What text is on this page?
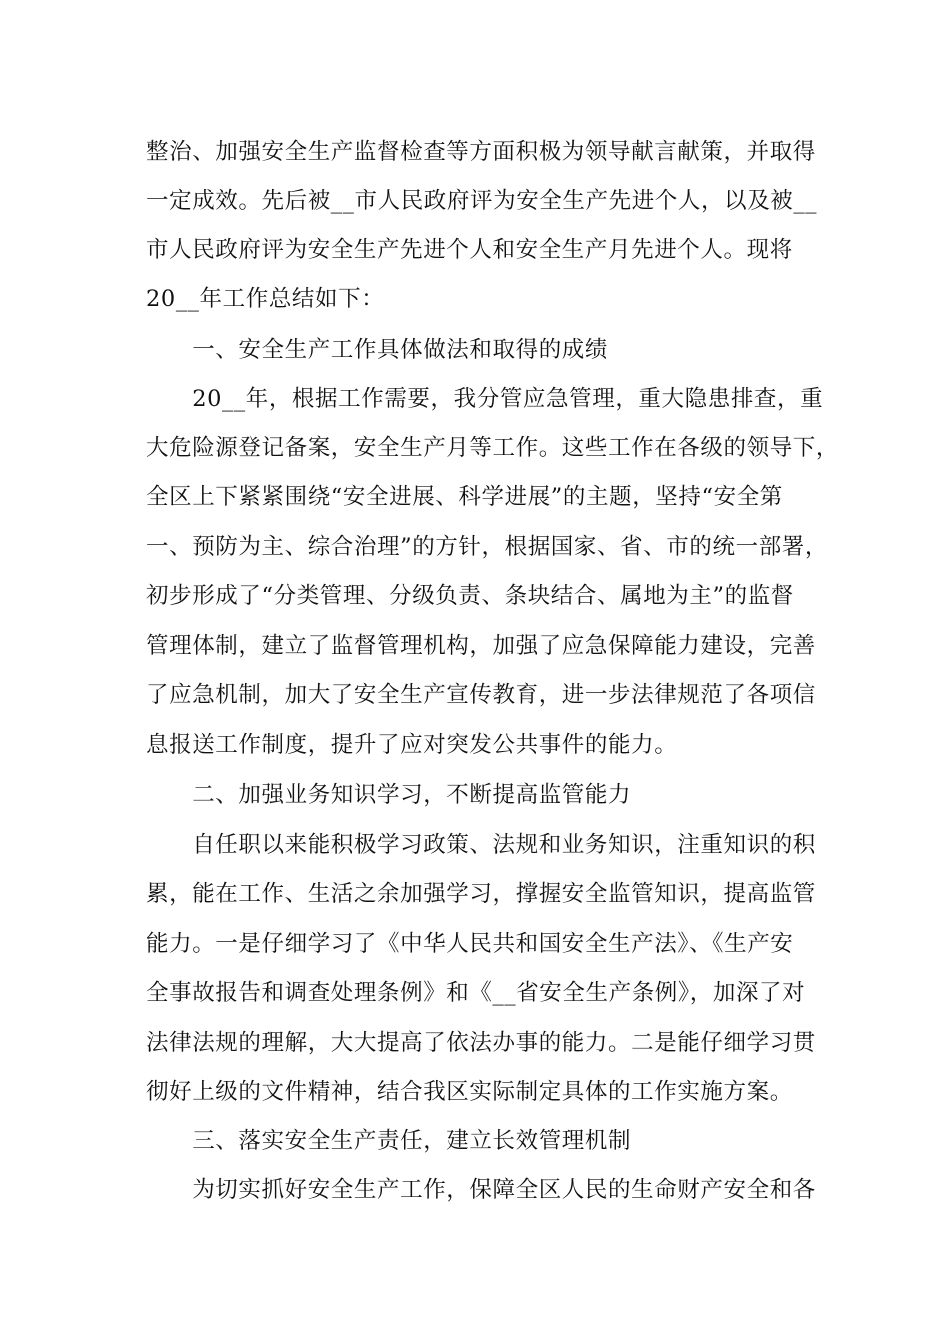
整治、加强安全生产监督检查等方面积极为领导献言献策，并取得
一定成效。先后被__市人民政府评为安全生产先进个人，以及被__
市人民政府评为安全生产先进个人和安全生产月先进个人。现将
20__年工作总结如下：
　　一、安全生产工作具体做法和取得的成绩
　　20__年，根据工作需要，我分管应急管理，重大隐患排查，重
大危险源登记备案，安全生产月等工作。这些工作在各级的领导下，
全区上下紧紧围绕“安全进展、科学进展”的主题，坚持“安全第
一、预防为主、综合治理”的方针，根据国家、省、市的统一部署，
初步形成了“分类管理、分级负责、条块结合、属地为主”的监督
管理体制，建立了监督管理机构，加强了应急保障能力建设，完善
了应急机制，加大了安全生产宣传教育，进一步法律规范了各项信
息报送工作制度，提升了应对突发公共事件的能力。
　　二、加强业务知识学习，不断提高监管能力
　　自任职以来能积极学习政策、法规和业务知识，注重知识的积
累，能在工作、生活之余加强学习，撑握安全监管知识，提高监管
能力。一是仔细学习了《中华人民共和国安全生产法》、《生产安
全事故报告和调查处理条例》和《__省安全生产条例》，加深了对
法律法规的理解，大大提高了依法办事的能力。二是能仔细学习贯
彻好上级的文件精神，结合我区实际制定具体的工作实施方案。
　　三、落实安全生产责任，建立长效管理机制
　　为切实抓好安全生产工作，保障全区人民的生命财产安全和各
